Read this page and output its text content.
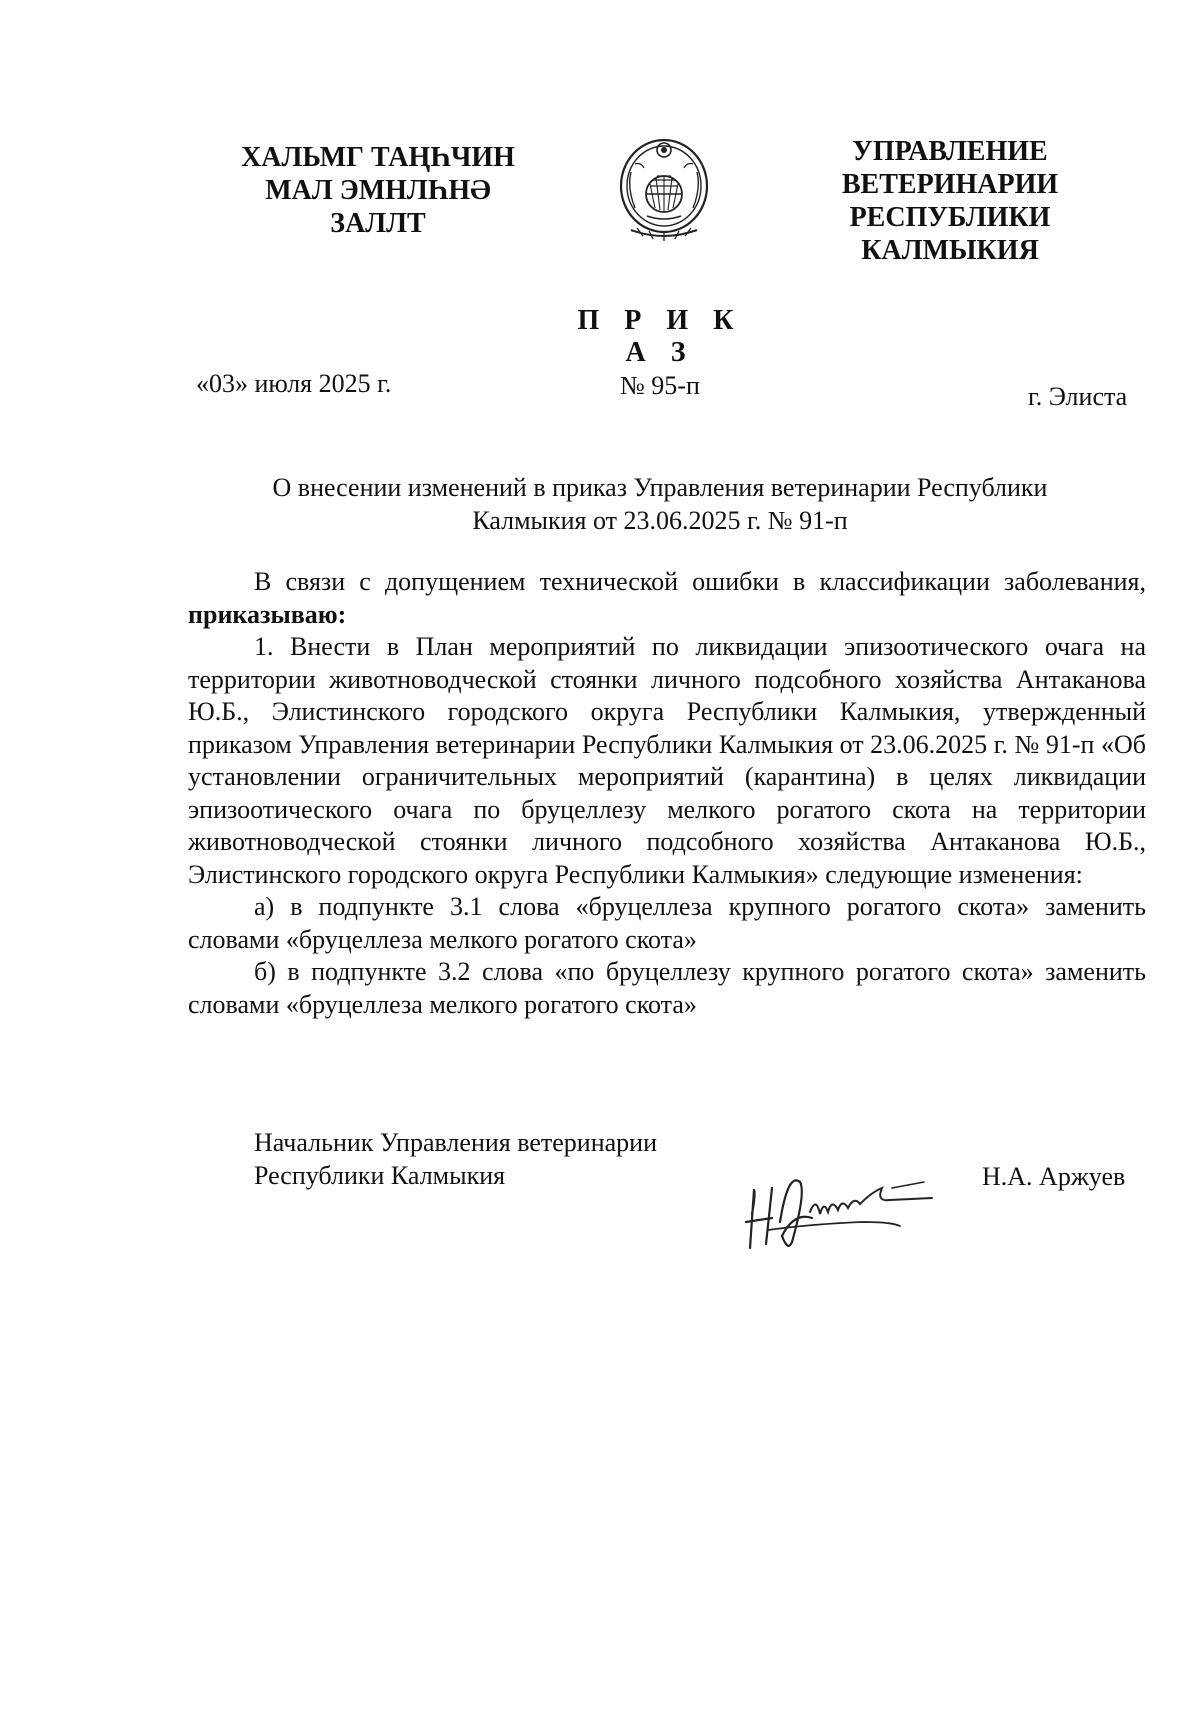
ХАЛЬМГ ТАҢҺЧИН
МАЛ ЭМНЛҺНӘ
ЗАЛЛТ
УПРАВЛЕНИЕ
ВЕТЕРИНАРИИ
РЕСПУБЛИКИ
КАЛМЫКИЯ
П Р И К А З
«03» июля 2025 г.	№ 95-п	г. Элиста
О внесении изменений в приказ Управления ветеринарии Республики
Калмыкия от 23.06.2025 г. № 91-п

В связи с допущением технической ошибки в классификации заболевания, приказываю:

1. Внести в План мероприятий по ликвидации эпизоотического очага на территории животноводческой стоянки личного подсобного хозяйства Антаканова Ю.Б., Элистинского городского округа Республики Калмыкия, утвержденный приказом Управления ветеринарии Республики Калмыкия от 23.06.2025 г. № 91-п «Об установлении ограничительных мероприятий (карантина) в целях ликвидации эпизоотического очага по бруцеллезу мелкого рогатого скота на территории животноводческой стоянки личного подсобного хозяйства Антаканова Ю.Б., Элистинского городского округа Республики Калмыкия» следующие изменения:

а) в подпункте 3.1 слова «бруцеллеза крупного рогатого скота» заменить словами «бруцеллеза мелкого рогатого скота»

б) в подпункте 3.2 слова «по бруцеллезу крупного рогатого скота» заменить словами «бруцеллеза мелкого рогатого скота»

Начальник Управления ветеринарии
Республики Калмыкия	Н.А. Аржуев
